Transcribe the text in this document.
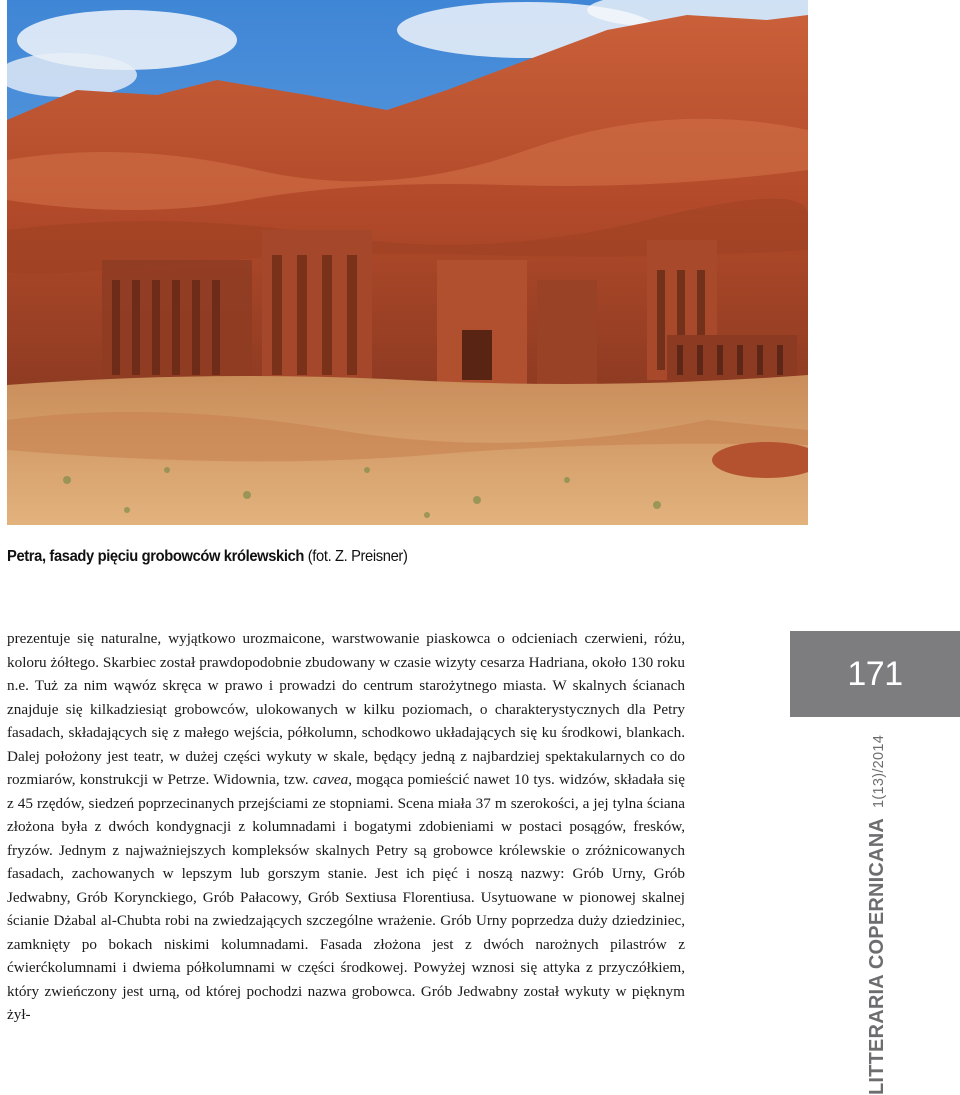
Petra, fasady pięciu grobowców królewskich (fot. Z. Preisner)

prezentuje się naturalne, wyjątkowo urozmaicone, warstwowanie piaskowca o odcieniach czerwieni, różu, koloru żółtego. Skarbiec został prawdopodobnie zbudowany w czasie wizyty cesarza Hadriana, około 130 roku n.e. Tuż za nim wąwóz skręca w prawo i prowadzi do centrum starożytnego miasta. W skalnych ścianach znajduje się kilkadziesiąt grobowców, ulokowanych w kilku poziomach, o charakterystycznych dla Petry fasadach, składających się z małego wejścia, półkolumn, schodkowo układających się ku środkowi, blankach. Dalej położony jest teatr, w dużej części wykuty w skale, będący jedną z najbardziej spektakularnych co do rozmiarów, konstrukcji w Petrze. Widownia, tzw. cavea, mogąca pomieścić nawet 10 tys. widzów, składała się z 45 rzędów, siedzeń poprzecinanych przejściami ze stopniami. Scena miała 37 m szerokości, a jej tylna ściana złożona była z dwóch kondygnacji z kolumnadami i bogatymi zdobieniami w postaci posągów, fresków, fryzów. Jednym z najważniejszych kompleksów skalnych Petry są grobowce królewskie o zróżnicowanych fasadach, zachowanych w lepszym lub gorszym stanie. Jest ich pięć i noszą nazwy: Grób Urny, Grób Jedwabny, Grób Korynckiego, Grób Pałacowy, Grób Sextiusa Florentiusa. Usytuowane w pionowej skalnej ścianie Dżabal al-Chubta robi na zwiedzających szczególne wrażenie. Grób Urny poprzedza duży dziedziniec, zamknięty po bokach niskimi kolumnadami. Fasada złożona jest z dwóch narożnych pilastrów z ćwierćkolumnami i dwiema półkolumnami w części środkowej. Powyżej wznosi się attyka z przyczółkiem, który zwieńczony jest urną, od której pochodzi nazwa grobowca. Grób Jedwabny został wykuty w pięknym żył-

171
LITTERARIA COPERNICANA
1(13)/2014
